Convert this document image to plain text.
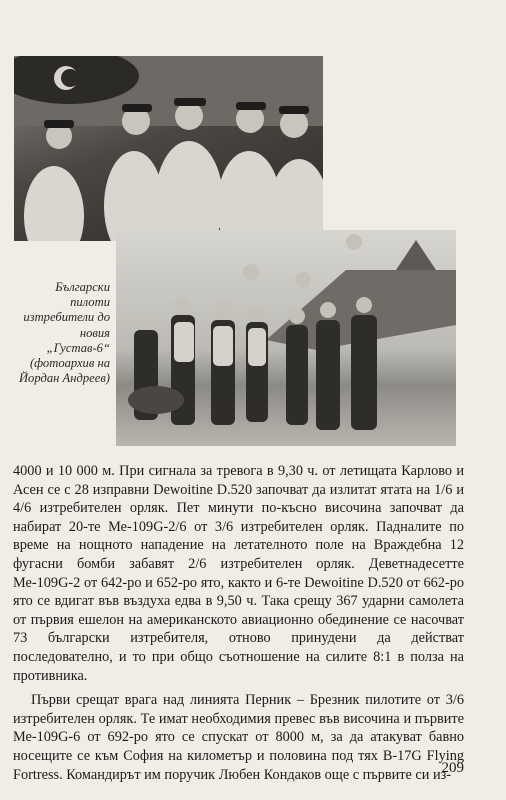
Български пилоти изтребители до новия „Густав-6“ (фотоархив на Йордан Андреев)

4000 и 10 000 м. При сигнала за тревога в 9,30 ч. от летищата Карлово и Асен се с 28 изправни Dewoitine D.520 започват да излитат ятата на 1/6 и 4/6 изтребителен орляк. Пет минути по-късно височина започват да набират 20-те Ме-109G-2/6 от 3/6 изтребителен орляк. Падналите по време на нощното нападение на летателното поле на Враждебна 12 фугасни бомби забавят 2/6 изтребителен орляк. Деветнадесетте Ме-109G-2 от 642-ро и 652-ро ято, както и 6-те Dewoitine D.520 от 662-ро ято се вдигат във въздуха едва в 9,50 ч. Така срещу 367 ударни самолета от първия ешелон на американското авиационно обединение се насочват 73 български изтребителя, отново принудени да действат последователно, и то при общо съотношение на силите 8:1 в полза на противника.

Първи срещат врага над линията Перник – Брезник пилотите от 3/6 изтребителен орляк. Те имат необходимия превес във височина и първите Ме-109G-6 от 692-ро ято се спускат от 8000 м, за да атакуват бавно носещите се към София на километър и половина под тях B-17G Flying Fortress. Командирът им поручик Любен Кондаков още с първите си из-

209
